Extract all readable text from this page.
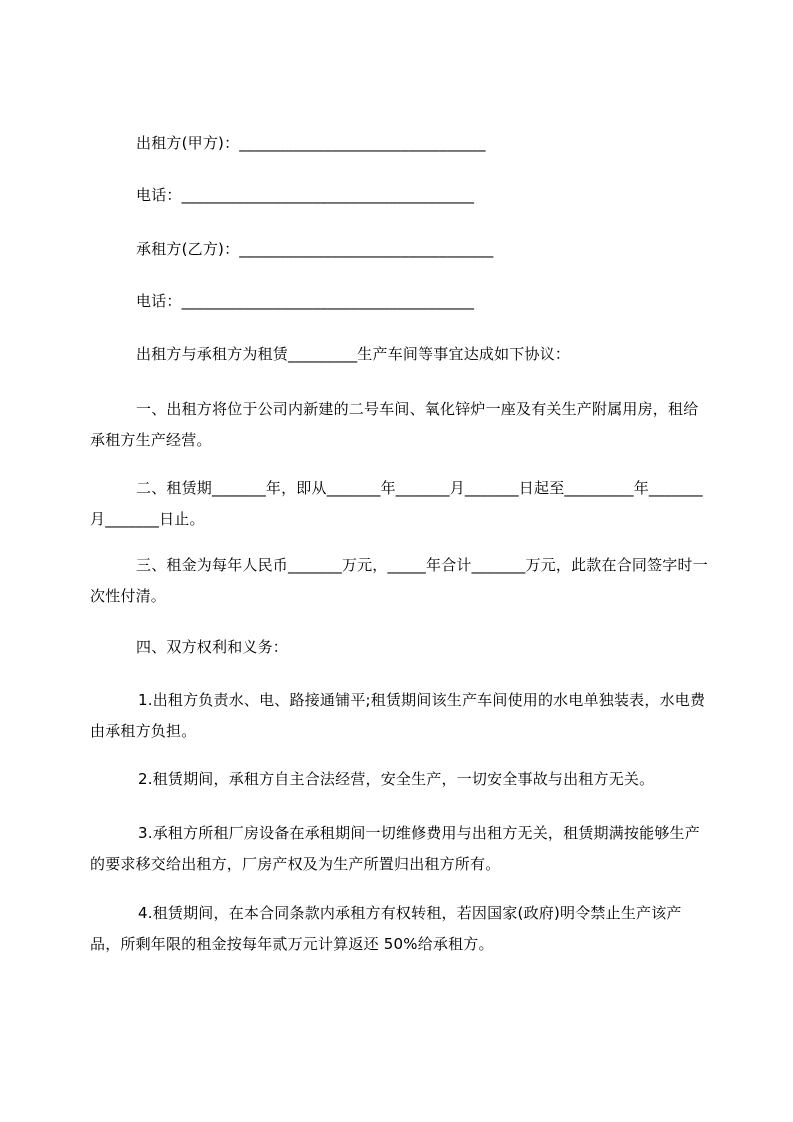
出租方(甲方)：________________________________
电话：______________________________________
承租方(乙方)：_________________________________
电话：______________________________________
出租方与承租方为租赁_________生产车间等事宜达成如下协议：
一、出租方将位于公司内新建的二号车间、氧化锌炉一座及有关生产附属用房，租给承租方生产经营。
二、租赁期_______年，即从_______年_______月_______日起至_________年_______月_______日止。
三、租金为每年人民币_______万元，_____年合计_______万元，此款在合同签字时一次性付清。
四、双方权利和义务：
1.出租方负责水、电、路接通铺平;租赁期间该生产车间使用的水电单独装表，水电费由承租方负担。
2.租赁期间，承租方自主合法经营，安全生产，一切安全事故与出租方无关。
3.承租方所租厂房设备在承租期间一切维修费用与出租方无关，租赁期满按能够生产的要求移交给出租方，厂房产权及为生产所置归出租方所有。
4.租赁期间，在本合同条款内承租方有权转租，若因国家(政府)明令禁止生产该产品，所剩年限的租金按每年贰万元计算返还 50%给承租方。
